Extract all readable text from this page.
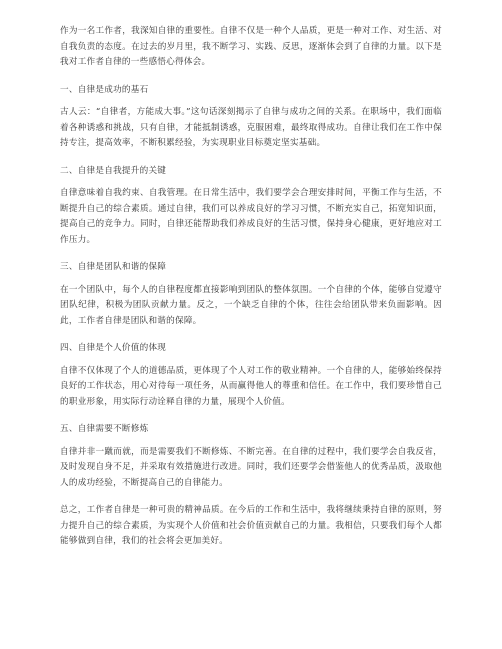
作为一名工作者，我深知自律的重要性。自律不仅是一种个人品质，更是一种对工作、对生活、对自我负责的态度。在过去的岁月里，我不断学习、实践、反思，逐渐体会到了自律的力量。以下是我对工作者自律的一些感悟心得体会。

一、自律是成功的基石

古人云：“自律者，方能成大事。”这句话深刻揭示了自律与成功之间的关系。在职场中，我们面临着各种诱惑和挑战，只有自律，才能抵制诱惑，克服困难，最终取得成功。自律让我们在工作中保持专注，提高效率，不断积累经验，为实现职业目标奠定坚实基础。

二、自律是自我提升的关键

自律意味着自我约束、自我管理。在日常生活中，我们要学会合理安排时间，平衡工作与生活，不断提升自己的综合素质。通过自律，我们可以养成良好的学习习惯，不断充实自己，拓宽知识面，提高自己的竞争力。同时，自律还能帮助我们养成良好的生活习惯，保持身心健康，更好地应对工作压力。

三、自律是团队和谐的保障

在一个团队中，每个人的自律程度都直接影响到团队的整体氛围。一个自律的个体，能够自觉遵守团队纪律，积极为团队贡献力量。反之，一个缺乏自律的个体，往往会给团队带来负面影响。因此，工作者自律是团队和谐的保障。

四、自律是个人价值的体现

自律不仅体现了个人的道德品质，更体现了个人对工作的敬业精神。一个自律的人，能够始终保持良好的工作状态，用心对待每一项任务，从而赢得他人的尊重和信任。在工作中，我们要珍惜自己的职业形象，用实际行动诠释自律的力量，展现个人价值。

五、自律需要不断修炼

自律并非一蹴而就，而是需要我们不断修炼、不断完善。在自律的过程中，我们要学会自我反省，及时发现自身不足，并采取有效措施进行改进。同时，我们还要学会借鉴他人的优秀品质，汲取他人的成功经验，不断提高自己的自律能力。

总之，工作者自律是一种可贵的精神品质。在今后的工作和生活中，我将继续秉持自律的原则，努力提升自己的综合素质，为实现个人价值和社会价值贡献自己的力量。我相信，只要我们每个人都能够做到自律，我们的社会将会更加美好。
